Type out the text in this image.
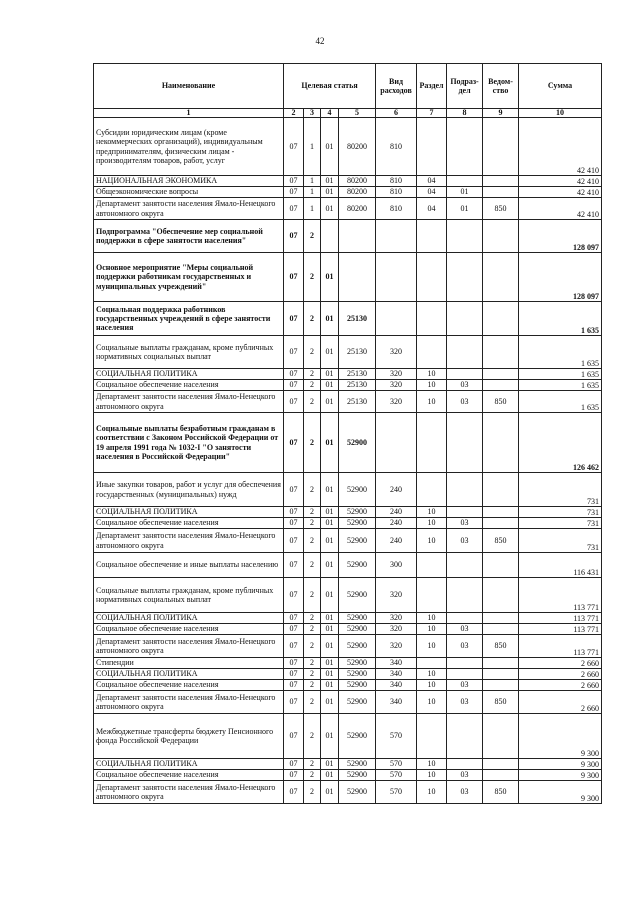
42
Наименование	Целевая статья				Вид расходов	Раздел	Подраз-дел	Ведом-ство	Сумма
1	2	3	4	5	6	7	8	9	10
Субсидии юридическим лицам (кроме некоммерческих организаций), индивидуальным предпринимателям, физическим лицам - производителям товаров, работ, услуг	07	1	01	80200	810				42 410
НАЦИОНАЛЬНАЯ ЭКОНОМИКА	07	1	01	80200	810	04			42 410
Общеэкономические вопросы	07	1	01	80200	810	04	01		42 410
Департамент занятости населения Ямало-Ненецкого автономного округа	07	1	01	80200	810	04	01	850	42 410
Подпрограмма "Обеспечение мер социальной поддержки в сфере занятости населения"	07	2							128 097
Основное мероприятие "Меры социальной поддержки работникам государственных и муниципальных учреждений"	07	2	01						128 097
Социальная поддержка работников государственных учреждений в сфере занятости населения	07	2	01	25130					1 635
Социальные выплаты гражданам, кроме публичных нормативных социальных выплат	07	2	01	25130	320				1 635
СОЦИАЛЬНАЯ ПОЛИТИКА	07	2	01	25130	320	10			1 635
Социальное обеспечение населения	07	2	01	25130	320	10	03		1 635
Департамент занятости населения Ямало-Ненецкого автономного округа	07	2	01	25130	320	10	03	850	1 635
Социальные выплаты безработным гражданам в соответствии с Законом Российской Федерации от 19 апреля 1991 года № 1032-I "О занятости населения в Российской Федерации"	07	2	01	52900					126 462
Иные закупки товаров, работ и услуг для обеспечения государственных (муниципальных) нужд	07	2	01	52900	240				731
СОЦИАЛЬНАЯ ПОЛИТИКА	07	2	01	52900	240	10			731
Социальное обеспечение населения	07	2	01	52900	240	10	03		731
Департамент занятости населения Ямало-Ненецкого автономного округа	07	2	01	52900	240	10	03	850	731
Социальное обеспечение и иные выплаты населению	07	2	01	52900	300				116 431
Социальные выплаты гражданам, кроме публичных нормативных социальных выплат	07	2	01	52900	320				113 771
СОЦИАЛЬНАЯ ПОЛИТИКА	07	2	01	52900	320	10			113 771
Социальное обеспечение населения	07	2	01	52900	320	10	03		113 771
Департамент занятости населения Ямало-Ненецкого автономного округа	07	2	01	52900	320	10	03	850	113 771
Стипендии	07	2	01	52900	340				2 660
СОЦИАЛЬНАЯ ПОЛИТИКА	07	2	01	52900	340	10			2 660
Социальное обеспечение населения	07	2	01	52900	340	10	03		2 660
Департамент занятости населения Ямало-Ненецкого автономного округа	07	2	01	52900	340	10	03	850	2 660
Межбюджетные трансферты бюджету Пенсионного фонда Российской Федерации	07	2	01	52900	570				9 300
СОЦИАЛЬНАЯ ПОЛИТИКА	07	2	01	52900	570	10			9 300
Социальное обеспечение населения	07	2	01	52900	570	10	03		9 300
Департамент занятости населения Ямало-Ненецкого автономного округа	07	2	01	52900	570	10	03	850	9 300
